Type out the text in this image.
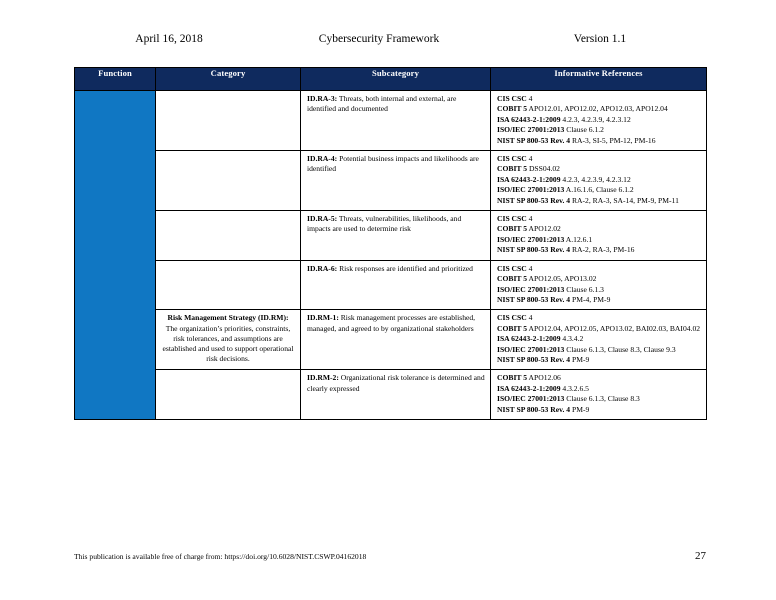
April 16, 2018	Cybersecurity Framework	Version 1.1
Function	Category	Subcategory	Informative References
		ID.RA-3: Threats, both internal and external, are identified and documented	CIS CSC 4
COBIT 5 APO12.01, APO12.02, APO12.03, APO12.04
ISA 62443-2-1:2009 4.2.3, 4.2.3.9, 4.2.3.12
ISO/IEC 27001:2013 Clause 6.1.2
NIST SP 800-53 Rev. 4 RA-3, SI-5, PM-12, PM-16

		ID.RA-4: Potential business impacts and likelihoods are identified	CIS CSC 4
COBIT 5 DSS04.02
ISA 62443-2-1:2009 4.2.3, 4.2.3.9, 4.2.3.12
ISO/IEC 27001:2013 A.16.1.6, Clause 6.1.2
NIST SP 800-53 Rev. 4 RA-2, RA-3, SA-14, PM-9, PM-11

		ID.RA-5: Threats, vulnerabilities, likelihoods, and impacts are used to determine risk	CIS CSC 4
COBIT 5 APO12.02
ISO/IEC 27001:2013 A.12.6.1
NIST SP 800-53 Rev. 4 RA-2, RA-3, PM-16

		ID.RA-6: Risk responses are identified and prioritized	CIS CSC 4
COBIT 5 APO12.05, APO13.02
ISO/IEC 27001:2013 Clause 6.1.3
NIST SP 800-53 Rev. 4 PM-4, PM-9

	Risk Management Strategy (ID.RM): The organization’s priorities, constraints, risk tolerances, and assumptions are established and used to support operational risk decisions.	ID.RM-1: Risk management processes are established, managed, and agreed to by organizational stakeholders	CIS CSC 4
COBIT 5 APO12.04, APO12.05, APO13.02, BAI02.03, BAI04.02
ISA 62443-2-1:2009 4.3.4.2
ISO/IEC 27001:2013 Clause 6.1.3, Clause 8.3, Clause 9.3
NIST SP 800-53 Rev. 4 PM-9

		ID.RM-2: Organizational risk tolerance is determined and clearly expressed	COBIT 5 APO12.06
ISA 62443-2-1:2009 4.3.2.6.5
ISO/IEC 27001:2013 Clause 6.1.3, Clause 8.3
NIST SP 800-53 Rev. 4 PM-9
This publication is available free of charge from: https://doi.org/10.6028/NIST.CSWP.04162018	27
